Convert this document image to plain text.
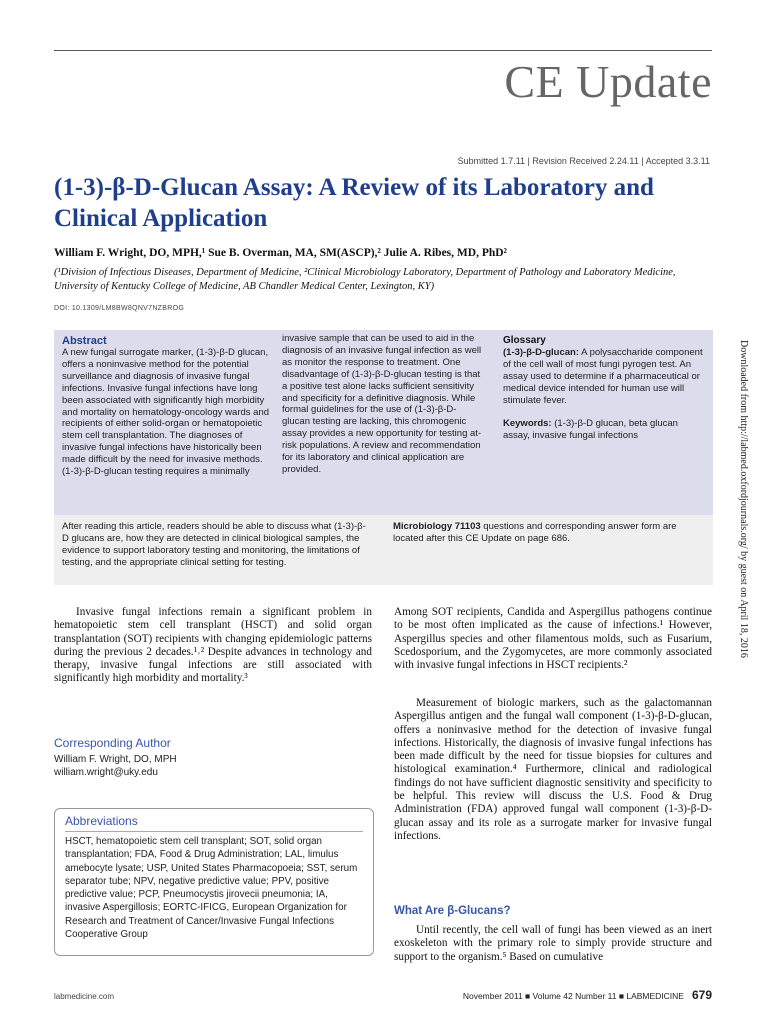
CE Update
Submitted 1.7.11 | Revision Received 2.24.11 | Accepted 3.3.11
(1-3)-β-D-Glucan Assay: A Review of its Laboratory and Clinical Application
William F. Wright, DO, MPH,¹ Sue B. Overman, MA, SM(ASCP),² Julie A. Ribes, MD, PhD²
(¹Division of Infectious Diseases, Department of Medicine, ²Clinical Microbiology Laboratory, Department of Pathology and Laboratory Medicine, University of Kentucky College of Medicine, AB Chandler Medical Center, Lexington, KY)
DOI: 10.1309/LM8BW8QNV7NZBROG
Abstract
A new fungal surrogate marker, (1-3)-β-D glucan, offers a noninvasive method for the potential surveillance and diagnosis of invasive fungal infections. Invasive fungal infections have long been associated with significantly high morbidity and mortality on hematology-oncology wards and recipients of either solid-organ or hematopoietic stem cell transplantation. The diagnoses of invasive fungal infections have historically been made difficult by the need for invasive methods. (1-3)-β-D-glucan testing requires a minimally
invasive sample that can be used to aid in the diagnosis of an invasive fungal infection as well as monitor the response to treatment. One disadvantage of (1-3)-β-D-glucan testing is that a positive test alone lacks sufficient sensitivity and specificity for a definitive diagnosis. While formal guidelines for the use of (1-3)-β-D-glucan testing are lacking, this chromogenic assay provides a new opportunity for testing at-risk populations. A review and recommendation for its laboratory and clinical application are provided.
Glossary
(1-3)-β-D-glucan: A polysaccharide component of the cell wall of most fungi pyrogen test. An assay used to determine if a pharmaceutical or medical device intended for human use will stimulate fever.
Keywords: (1-3)-β-D glucan, beta glucan assay, invasive fungal infections
After reading this article, readers should be able to discuss what (1-3)-β-D glucans are, how they are detected in clinical biological samples, the evidence to support laboratory testing and monitoring, the limitations of testing, and the appropriate clinical setting for testing.
Microbiology 71103 questions and corresponding answer form are located after this CE Update on page 686.
Invasive fungal infections remain a significant problem in hematopoietic stem cell transplant (HSCT) and solid organ transplantation (SOT) recipients with changing epidemiologic patterns during the previous 2 decades.¹˒² Despite advances in technology and therapy, invasive fungal infections are still associated with significantly high morbidity and mortality.³
Corresponding Author
William F. Wright, DO, MPH
william.wright@uky.edu
Abbreviations
HSCT, hematopoietic stem cell transplant; SOT, solid organ transplantation; FDA, Food & Drug Administration; LAL, limulus amebocyte lysate; USP, United States Pharmacopoeia; SST, serum separator tube; NPV, negative predictive value; PPV, positive predictive value; PCP, Pneumocystis jirovecii pneumonia; IA, invasive Aspergillosis; EORTC-IFICG, European Organization for Research and Treatment of Cancer/Invasive Fungal Infections Cooperative Group
Among SOT recipients, Candida and Aspergillus pathogens continue to be most often implicated as the cause of infections.¹ However, Aspergillus species and other filamentous molds, such as Fusarium, Scedosporium, and the Zygomycetes, are more commonly associated with invasive fungal infections in HSCT recipients.²
Measurement of biologic markers, such as the galactomannan Aspergillus antigen and the fungal wall component (1-3)-β-D-glucan, offers a noninvasive method for the detection of invasive fungal infections. Historically, the diagnosis of invasive fungal infections has been made difficult by the need for tissue biopsies for cultures and histological examination.⁴ Furthermore, clinical and radiological findings do not have sufficient diagnostic sensitivity and specificity to be helpful. This review will discuss the U.S. Food & Drug Administration (FDA) approved fungal wall component (1-3)-β-D-glucan assay and its role as a surrogate marker for invasive fungal infections.
What Are β-Glucans?
Until recently, the cell wall of fungi has been viewed as an inert exoskeleton with the primary role to simply provide structure and support to the organism.⁵ Based on cumulative
labmedicine.com	November 2011 ■ Volume 42 Number 11 ■ LABMEDICINE 679
Downloaded from http://labmed.oxfordjournals.org/ by guest on April 18, 2016
